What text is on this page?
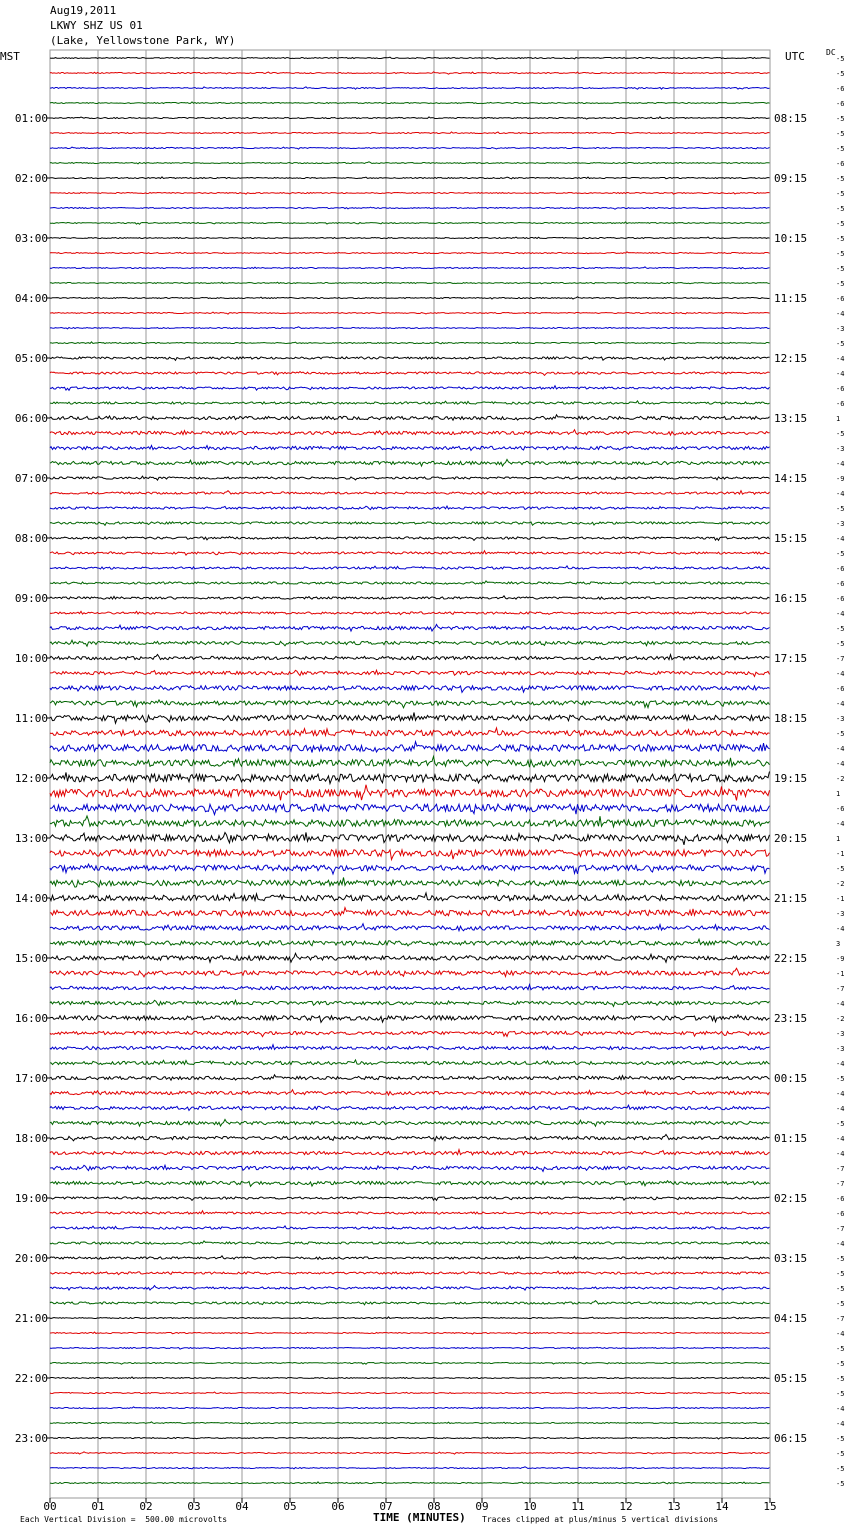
Aug19,2011
LKWY SHZ US 01
(Lake, Yellowstone Park, WY)
MST	UTC	DC
00	01	02	03	04	05	06	07	08	09	10	11	12	13	14	15
-5
-5
-6
-6
-5
-5
-5
-6
-5
-5
-5
-5
-5
-5
-5
-5
-6
-4
-3
-5
-4
-4
-6
-6
1
-5
-3
-4
-9
-4
-5
-3
-4
-5
-6
-6
-6
-4
-5
-5
-7
-4
-6
-4
-3
-5
-4
-4
-2
1
-6
-4
1
-1
-5
-2
-1
-3
-4
3
-9
-1
-7
-4
-2
-3
-3
-4
-5
-4
-4
-5
-4
-4
-7
-7
-6
-6
-7
-4
-5
-5
-5
-5
-7
-4
-5
-5
-5
-5
-4
-4
-5
-5
-5
-5
01:00	08:15
02:00	09:15
03:00	10:15
04:00	11:15
05:00	12:15
06:00	13:15
07:00	14:15
08:00	15:15
09:00	16:15
10:00	17:15
11:00	18:15
12:00	19:15
13:00	20:15
14:00	21:15
15:00	22:15
16:00	23:15
17:00	00:15
18:00	01:15
19:00	02:15
20:00	03:15
21:00	04:15
22:00	05:15
23:00	06:15
Each Vertical Division =  500.00 microvolts	TIME (MINUTES) Traces clipped at plus/minus 5 vertical divisions
